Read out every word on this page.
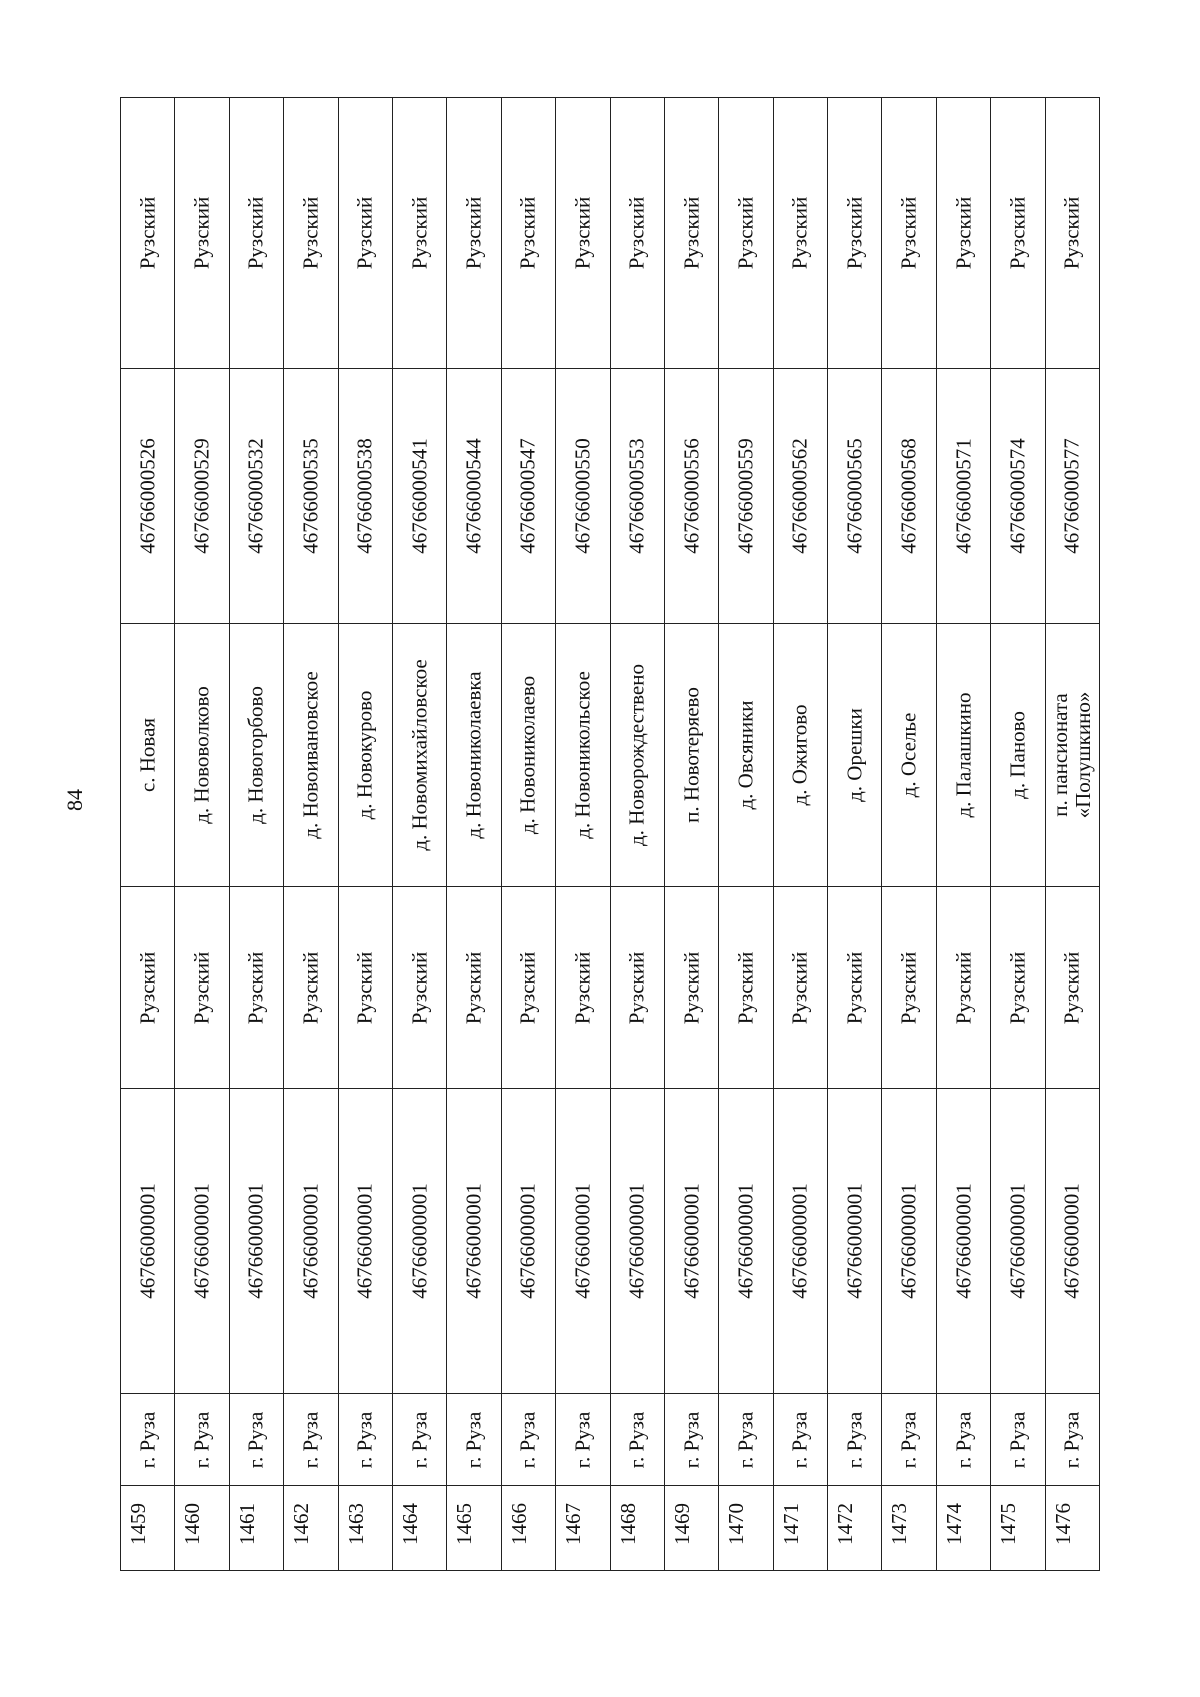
84
Рузский
46766000526
с. Новая
Рузский
46766000001
г. Руза
1459
Рузский
46766000529
д. Нововолково
Рузский
46766000001
г. Руза
1460
Рузский
46766000532
д. Новогорбово
Рузский
46766000001
г. Руза
1461
Рузский
46766000535
д. Новоивановское
Рузский
46766000001
г. Руза
1462
Рузский
46766000538
д. Новокурово
Рузский
46766000001
г. Руза
1463
Рузский
46766000541
д. Новомихайловское
Рузский
46766000001
г. Руза
1464
Рузский
46766000544
д. Новониколаевка
Рузский
46766000001
г. Руза
1465
Рузский
46766000547
д. Новониколаево
Рузский
46766000001
г. Руза
1466
Рузский
46766000550
д. Новоникольское
Рузский
46766000001
г. Руза
1467
Рузский
46766000553
д. Новорождествено
Рузский
46766000001
г. Руза
1468
Рузский
46766000556
п. Новотеряево
Рузский
46766000001
г. Руза
1469
Рузский
46766000559
д. Овсяники
Рузский
46766000001
г. Руза
1470
Рузский
46766000562
д. Ожигово
Рузский
46766000001
г. Руза
1471
Рузский
46766000565
д. Орешки
Рузский
46766000001
г. Руза
1472
Рузский
46766000568
д. Оселье
Рузский
46766000001
г. Руза
1473
Рузский
46766000571
д. Палашкино
Рузский
46766000001
г. Руза
1474
Рузский
46766000574
д. Паново
Рузский
46766000001
г. Руза
1475
Рузский
46766000577
п. пансионата
«Полушкино»
Рузский
46766000001
г. Руза
1476
